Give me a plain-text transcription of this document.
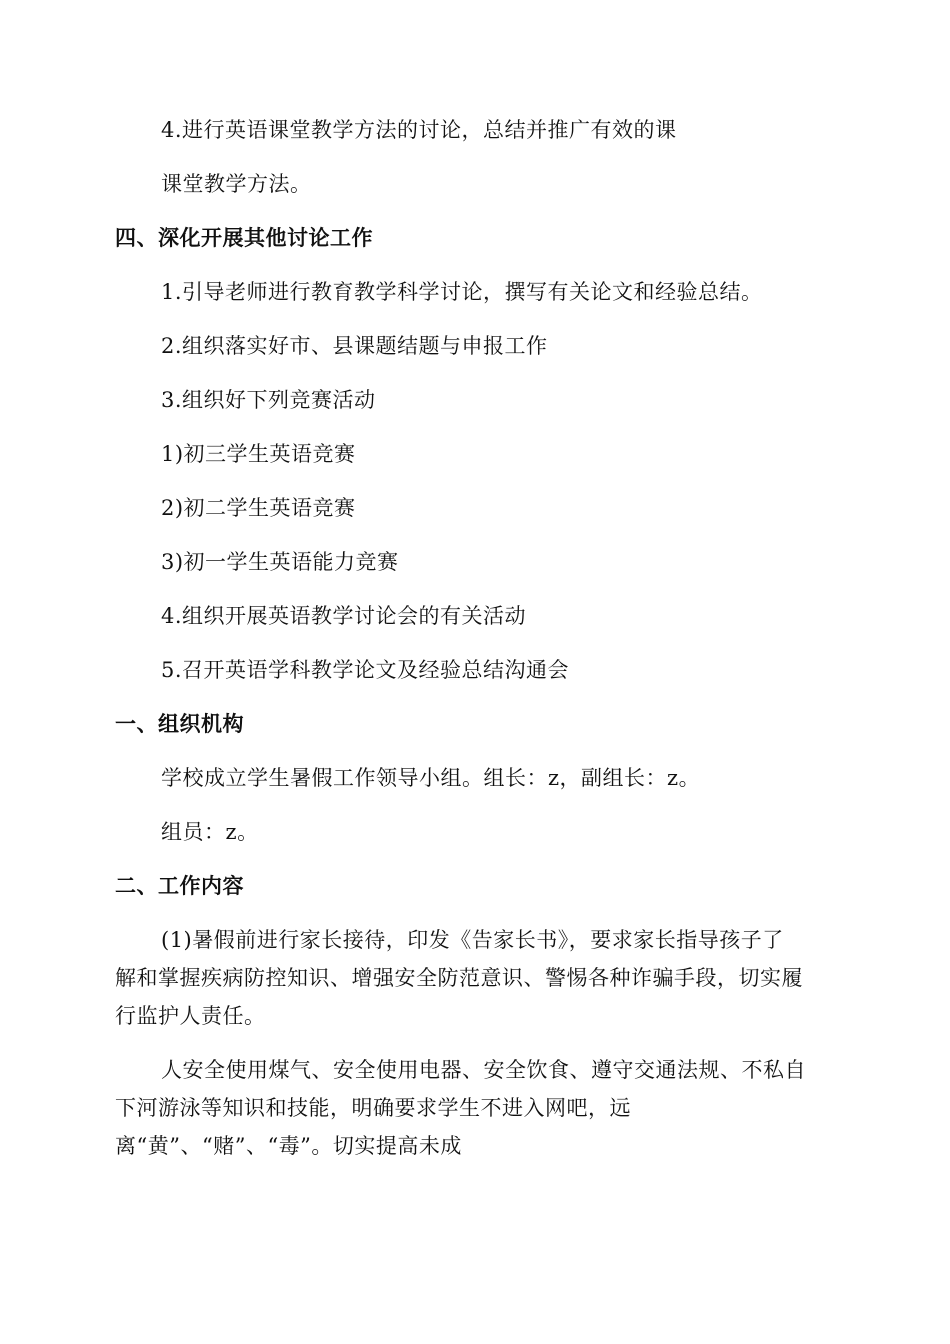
4.进行英语课堂教学方法的讨论，总结并推广有效的课
课堂教学方法。
四、深化开展其他讨论工作
1.引导老师进行教育教学科学讨论，撰写有关论文和经验总结。
2.组织落实好市、县课题结题与申报工作
3.组织好下列竞赛活动
1)初三学生英语竞赛
2)初二学生英语竞赛
3)初一学生英语能力竞赛
4.组织开展英语教学讨论会的有关活动
5.召开英语学科教学论文及经验总结沟通会
一、组织机构
学校成立学生暑假工作领导小组。组长：z，副组长：z。
组员：z。
二、工作内容
(1)暑假前进行家长接待，印发《告家长书》，要求家长指导孩子了
解和掌握疾病防控知识、增强安全防范意识、警惕各种诈骗手段，切实履
行监护人责任。
人安全使用煤气、安全使用电器、安全饮食、遵守交通法规、不私自
下河游泳等知识和技能，明确要求学生不进入网吧，远
离“黄”、“赌”、“毒”。切实提高未成
